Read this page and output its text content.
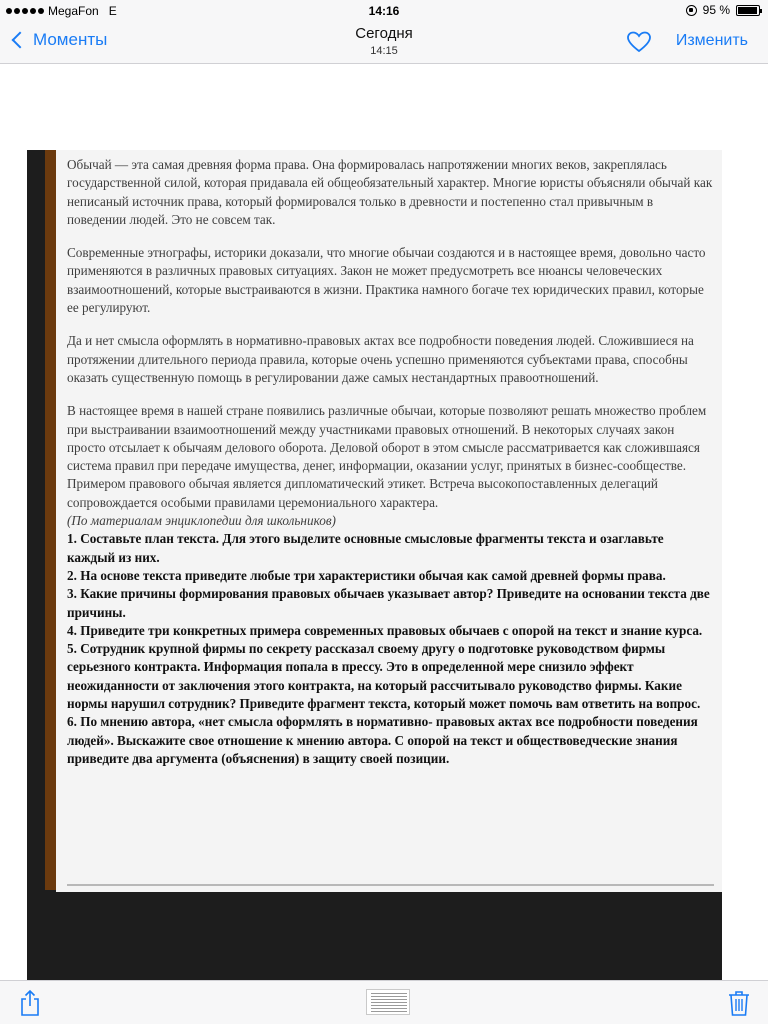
MegaFon E	14:16	95 %
Моменты	Сегодня
14:15
Изменить

Обычай — эта самая древняя форма права. Она формировалась напротяжении многих веков, закреплялась государственной силой, которая придавала ей общеобязательный характер. Многие юристы объясняли обычай как неписаный источник права, который формировался только в древности и постепенно стал привычным в поведении людей. Это не совсем так.

Современные этнографы, историки доказали, что многие обычаи создаются и в настоящее время, довольно часто применяются в различных правовых ситуациях. Закон не может предусмотреть все нюансы человеческих взаимоотношений, которые выстраиваются в жизни. Практика намного богаче тех юридических правил, которые ее регулируют.

Да и нет смысла оформлять в нормативно-правовых актах все подробности поведения людей. Сложившиеся на протяжении длительного периода правила, которые очень успешно применяются субъектами права, способны оказать существенную помощь в регулировании даже самых нестандартных правоотношений.

В настоящее время в нашей стране появились различные обычаи, которые позволяют решать множество проблем при выстраивании взаимоотношений между участниками правовых отношений. В некоторых случаях закон просто отсылает к обычаям делового оборота. Деловой оборот в этом смысле рассматривается как сложившаяся система правил при передаче имущества, денег, информации, оказании услуг, принятых в бизнес-сообществе. Примером правового обычая является дипломатический этикет. Встреча высокопоставленных делегаций сопровождается особыми правилами церемониального характера.

(По материалам энциклопедии для школьников)

1. Составьте план текста. Для этого выделите основные смысловые фрагменты текста и озаглавьте каждый из них.

2. На основе текста приведите любые три характеристики обычая как самой древней формы права.

3. Какие причины формирования правовых обычаев указывает автор? Приведите на основании текста две причины.

4. Приведите три конкретных примера современных правовых обычаев с опорой на текст и знание курса.

5. Сотрудник крупной фирмы по секрету рассказал своему другу о подготовке руководством фирмы серьезного контракта. Информация попала в прессу. Это в определенной мере снизило эффект неожиданности от заключения этого контракта, на который рассчитывало руководство фирмы. Какие нормы нарушил сотрудник? Приведите фрагмент текста, который может помочь вам ответить на вопрос.

6. По мнению автора, «нет смысла оформлять в нормативно- правовых актах все подробности поведения людей». Выскажите свое отношение к мнению автора. С опорой на текст и обществоведческие знания приведите два аргумента (объяснения) в защиту своей позиции.
